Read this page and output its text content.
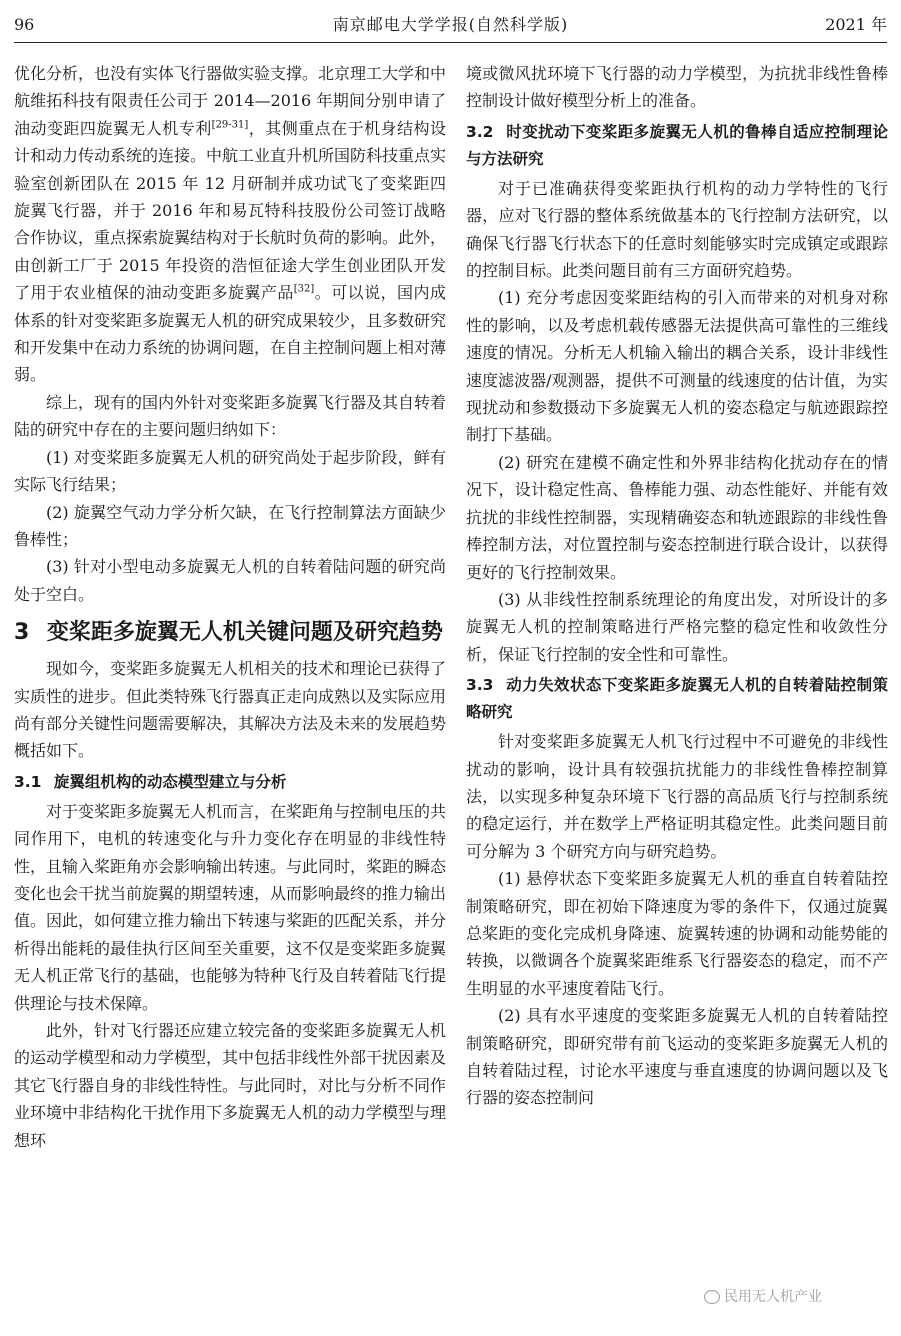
96	南京邮电大学学报(自然科学版)	2021 年

优化分析，也没有实体飞行器做实验支撑。北京理工大学和中航维拓科技有限责任公司于 2014—2016 年期间分别申请了油动变距四旋翼无人机专利[29-31]，其侧重点在于机身结构设计和动力传动系统的连接。中航工业直升机所国防科技重点实验室创新团队在 2015 年 12 月研制并成功试飞了变桨距四旋翼飞行器，并于 2016 年和易瓦特科技股份公司签订战略合作协议，重点探索旋翼结构对于长航时负荷的影响。此外，由创新工厂于 2015 年投资的浩恒征途大学生创业团队开发了用于农业植保的油动变距多旋翼产品[32]。可以说，国内成体系的针对变桨距多旋翼无人机的研究成果较少，且多数研究和开发集中在动力系统的协调问题，在自主控制问题上相对薄弱。

综上，现有的国内外针对变桨距多旋翼飞行器及其自转着陆的研究中存在的主要问题归纳如下：

(1) 对变桨距多旋翼无人机的研究尚处于起步阶段，鲜有实际飞行结果；

(2) 旋翼空气动力学分析欠缺，在飞行控制算法方面缺少鲁棒性；

(3) 针对小型电动多旋翼无人机的自转着陆问题的研究尚处于空白。

3 变桨距多旋翼无人机关键问题及研究趋势

现如今，变桨距多旋翼无人机相关的技术和理论已获得了实质性的进步。但此类特殊飞行器真正走向成熟以及实际应用尚有部分关键性问题需要解决，其解决方法及未来的发展趋势概括如下。

3.1 旋翼组机构的动态模型建立与分析

对于变桨距多旋翼无人机而言，在桨距角与控制电压的共同作用下，电机的转速变化与升力变化存在明显的非线性特性，且输入桨距角亦会影响输出转速。与此同时，桨距的瞬态变化也会干扰当前旋翼的期望转速，从而影响最终的推力输出值。因此，如何建立推力输出下转速与桨距的匹配关系，并分析得出能耗的最佳执行区间至关重要，这不仅是变桨距多旋翼无人机正常飞行的基础，也能够为特种飞行及自转着陆飞行提供理论与技术保障。

此外，针对飞行器还应建立较完备的变桨距多旋翼无人机的运动学模型和动力学模型，其中包括非线性外部干扰因素及其它飞行器自身的非线性特性。与此同时，对比与分析不同作业环境中非结构化干扰作用下多旋翼无人机的动力学模型与理想环

境或微风扰环境下飞行器的动力学模型，为抗扰非线性鲁棒控制设计做好模型分析上的准备。

3.2 时变扰动下变桨距多旋翼无人机的鲁棒自适应控制理论与方法研究

对于已准确获得变桨距执行机构的动力学特性的飞行器，应对飞行器的整体系统做基本的飞行控制方法研究，以确保飞行器飞行状态下的任意时刻能够实时完成镇定或跟踪的控制目标。此类问题目前有三方面研究趋势。

(1) 充分考虑因变桨距结构的引入而带来的对机身对称性的影响，以及考虑机载传感器无法提供高可靠性的三维线速度的情况。分析无人机输入输出的耦合关系，设计非线性速度滤波器/观测器，提供不可测量的线速度的估计值，为实现扰动和参数摄动下多旋翼无人机的姿态稳定与航迹跟踪控制打下基础。

(2) 研究在建模不确定性和外界非结构化扰动存在的情况下，设计稳定性高、鲁棒能力强、动态性能好、并能有效抗扰的非线性控制器，实现精确姿态和轨迹跟踪的非线性鲁棒控制方法，对位置控制与姿态控制进行联合设计，以获得更好的飞行控制效果。

(3) 从非线性控制系统理论的角度出发，对所设计的多旋翼无人机的控制策略进行严格完整的稳定性和收敛性分析，保证飞行控制的安全性和可靠性。

3.3 动力失效状态下变桨距多旋翼无人机的自转着陆控制策略研究

针对变桨距多旋翼无人机飞行过程中不可避免的非线性扰动的影响，设计具有较强抗扰能力的非线性鲁棒控制算法，以实现多种复杂环境下飞行器的高品质飞行与控制系统的稳定运行，并在数学上严格证明其稳定性。此类问题目前可分解为 3 个研究方向与研究趋势。

(1) 悬停状态下变桨距多旋翼无人机的垂直自转着陆控制策略研究，即在初始下降速度为零的条件下，仅通过旋翼总桨距的变化完成机身降速、旋翼转速的协调和动能势能的转换，以微调各个旋翼桨距维系飞行器姿态的稳定，而不产生明显的水平速度着陆飞行。

(2) 具有水平速度的变桨距多旋翼无人机的自转着陆控制策略研究，即研究带有前飞运动的变桨距多旋翼无人机的自转着陆过程，讨论水平速度与垂直速度的协调问题以及飞行器的姿态控制问

民用无人机产业
